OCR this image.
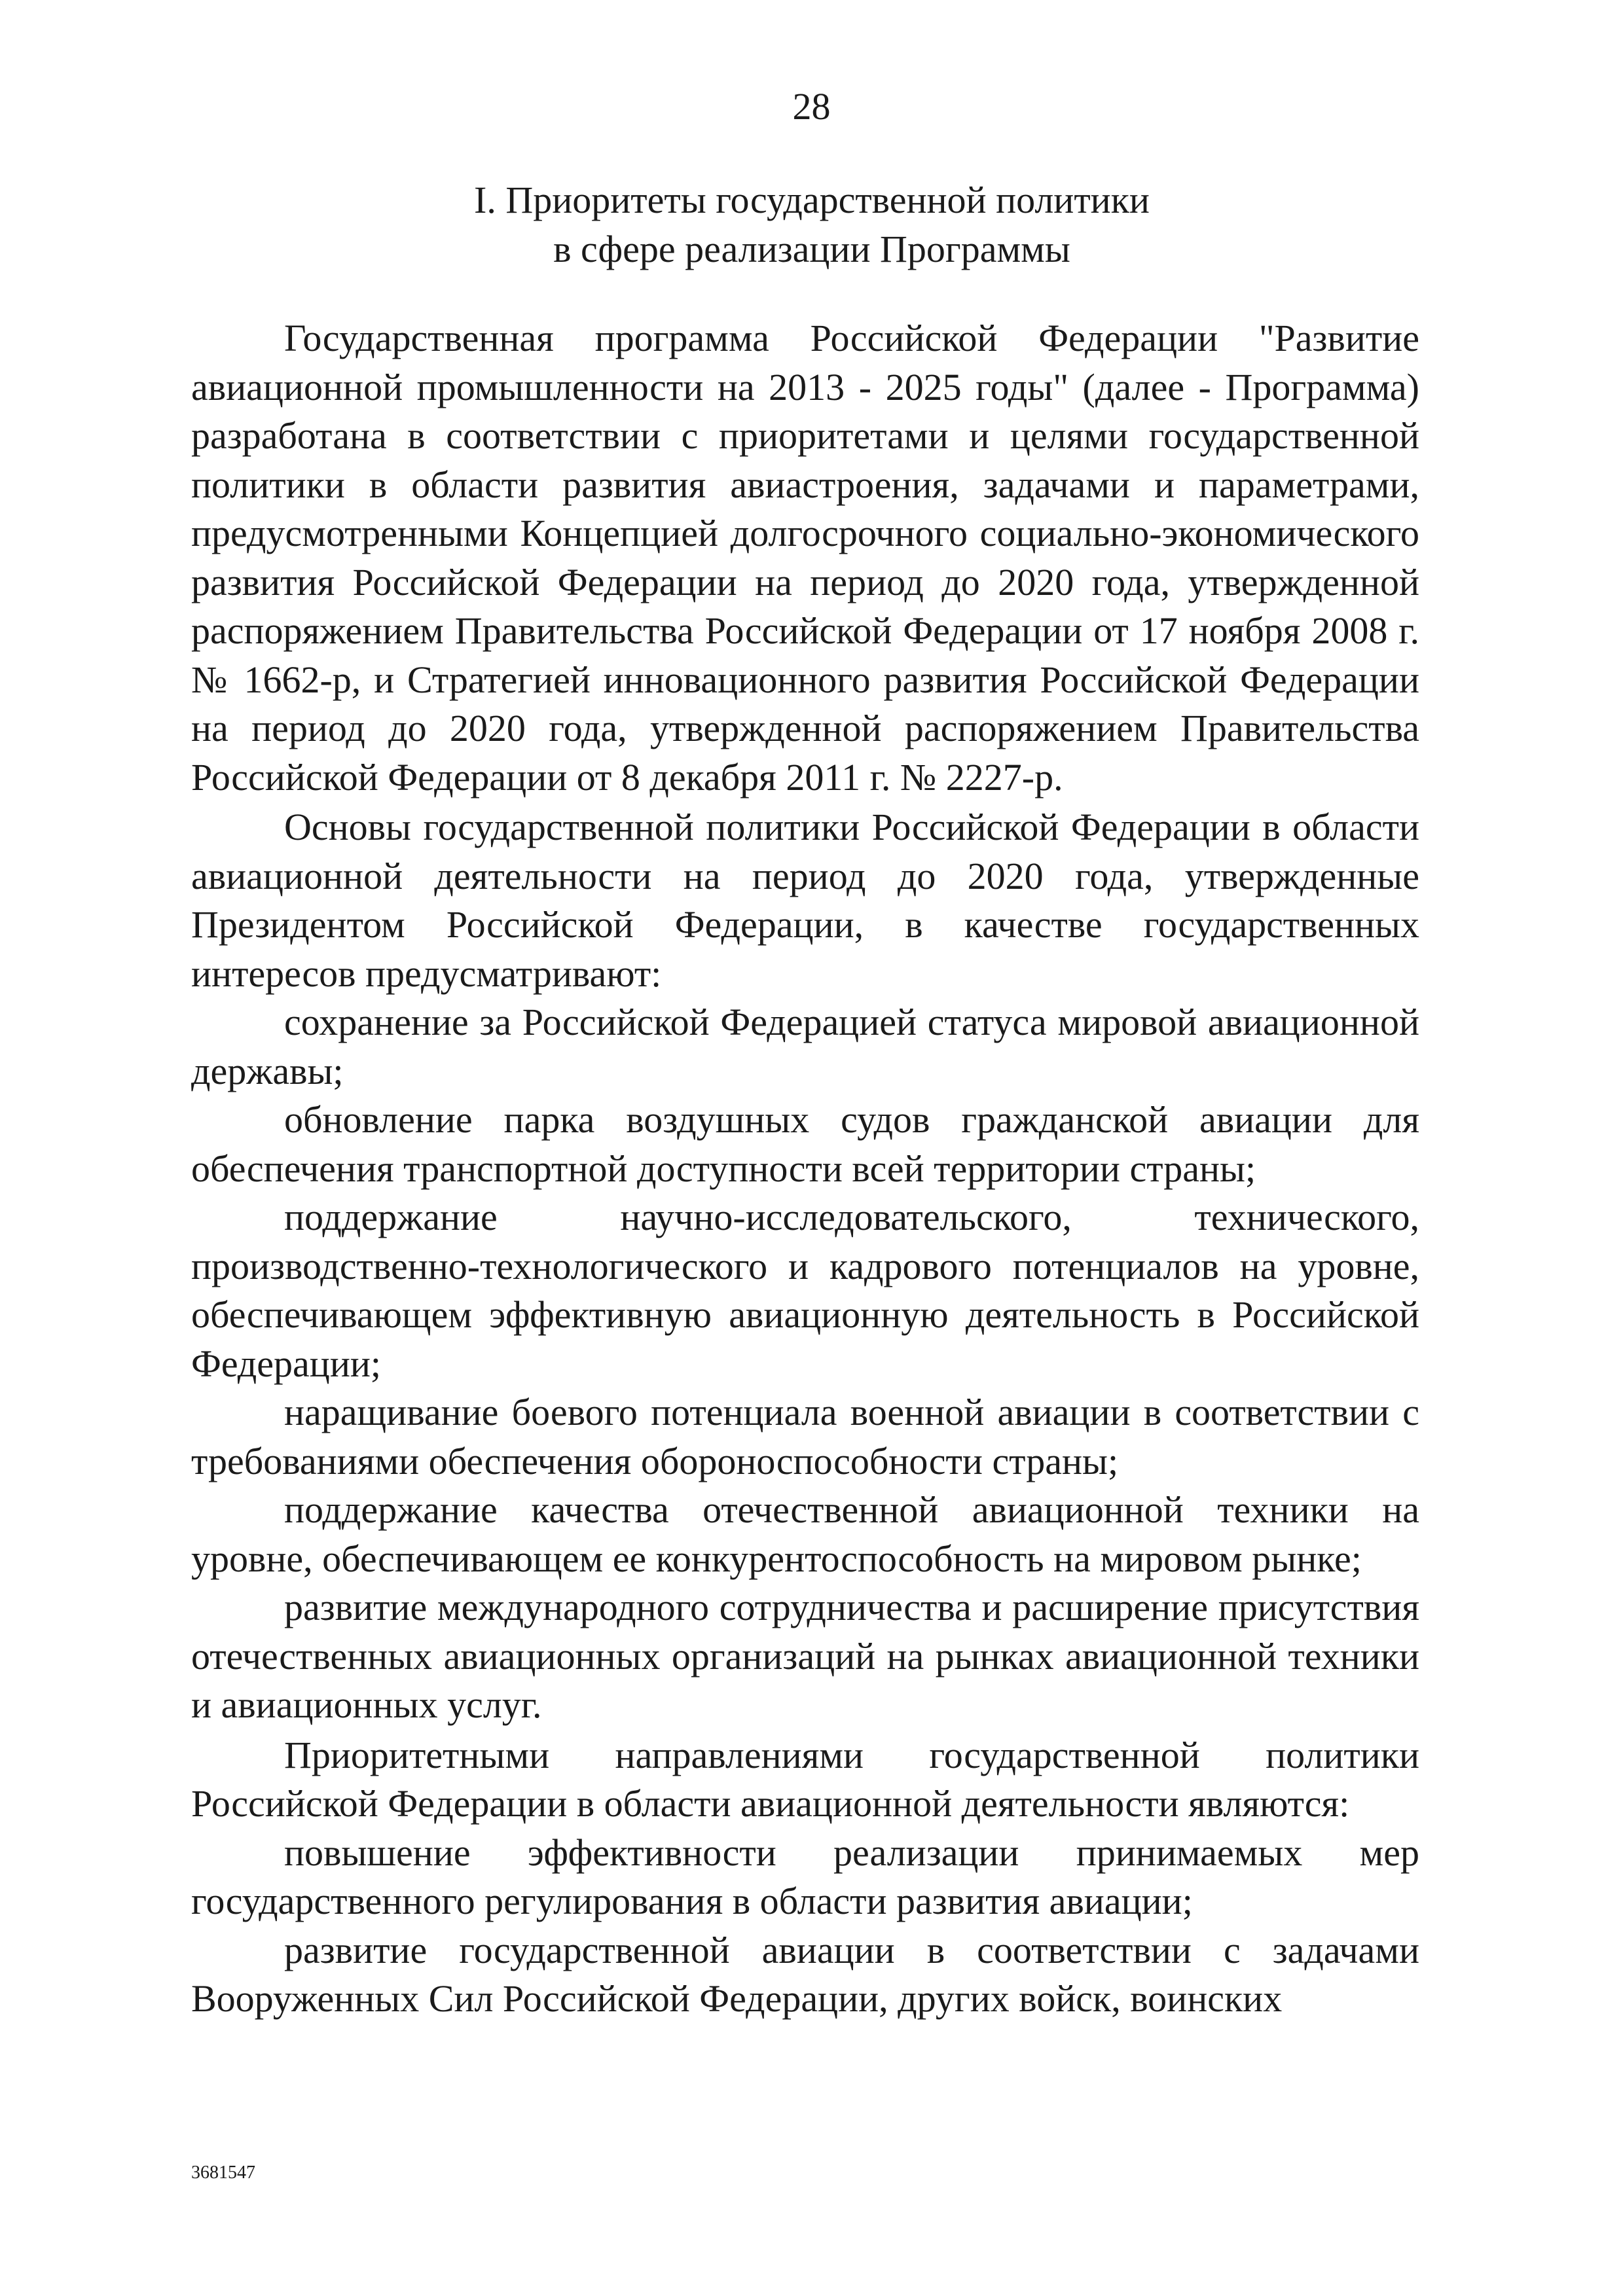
28
I. Приоритеты государственной политики
в сфере реализации Программы

Государственная программа Российской Федерации "Развитие авиационной промышленности на 2013 - 2025 годы" (далее - Программа) разработана в соответствии с приоритетами и целями государственной политики в области развития авиастроения, задачами и параметрами, предусмотренными Концепцией долгосрочного социально-экономического развития Российской Федерации на период до 2020 года, утвержденной распоряжением Правительства Российской Федерации от 17 ноября 2008 г. № 1662-р, и Стратегией инновационного развития Российской Федерации на период до 2020 года, утвержденной распоряжением Правительства Российской Федерации от 8 декабря 2011 г. № 2227-р.

Основы государственной политики Российской Федерации в области авиационной деятельности на период до 2020 года, утвержденные Президентом Российской Федерации, в качестве государственных интересов предусматривают:

сохранение за Российской Федерацией статуса мировой авиационной державы;

обновление парка воздушных судов гражданской авиации для обеспечения транспортной доступности всей территории страны;

поддержание научно-исследовательского, технического, производственно-технологического и кадрового потенциалов на уровне, обеспечивающем эффективную авиационную деятельность в Российской Федерации;

наращивание боевого потенциала военной авиации в соответствии с требованиями обеспечения обороноспособности страны;

поддержание качества отечественной авиационной техники на уровне, обеспечивающем ее конкурентоспособность на мировом рынке;

развитие международного сотрудничества и расширение присутствия отечественных авиационных организаций на рынках авиационной техники и авиационных услуг.

Приоритетными направлениями государственной политики Российской Федерации в области авиационной деятельности являются:

повышение эффективности реализации принимаемых мер государственного регулирования в области развития авиации;

развитие государственной авиации в соответствии с задачами Вооруженных Сил Российской Федерации, других войск, воинских

3681547
